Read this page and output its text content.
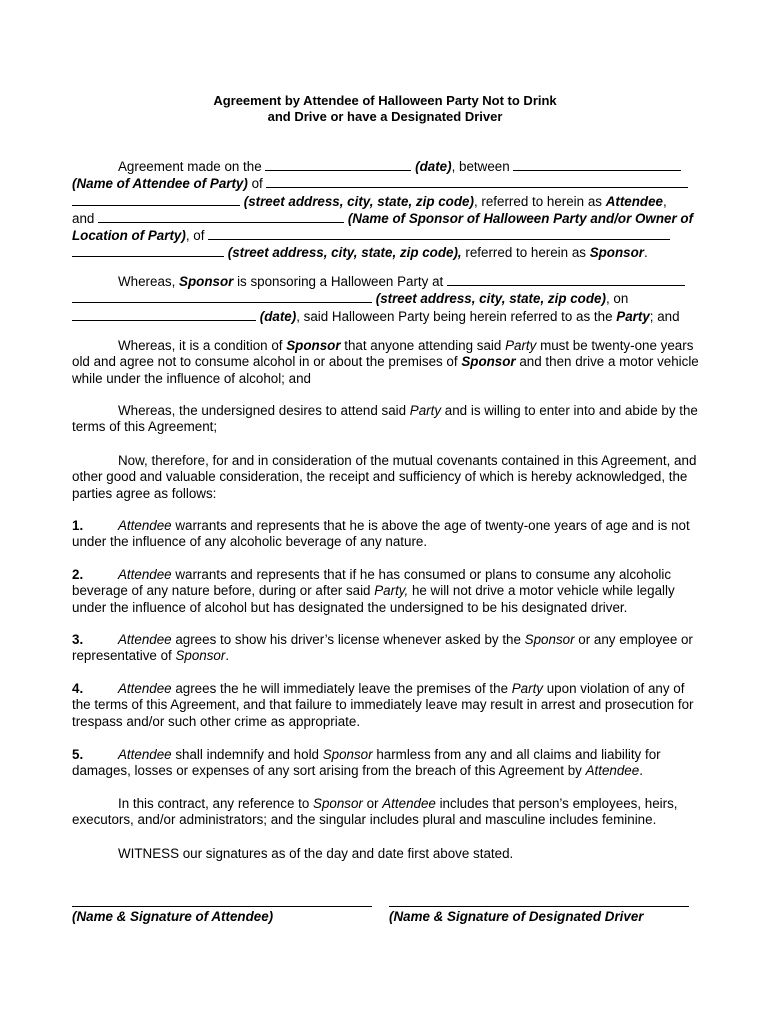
Agreement by Attendee of Halloween Party Not to Drink
and Drive or have a Designated Driver
Agreement made on the	(date), between
(Name of Attendee of Party) of
(street address, city, state, zip code), referred to herein as Attendee,
and	(Name of Sponsor of Halloween Party and/or Owner of Location of Party), of
(street address, city, state, zip code), referred to herein as Sponsor.
Whereas, Sponsor is sponsoring a Halloween Party at
(street address, city, state, zip code), on
(date), said Halloween Party being herein referred to as the Party; and
Whereas, it is a condition of Sponsor that anyone attending said Party must be twenty-one years old and agree not to consume alcohol in or about the premises of Sponsor and then drive a motor vehicle while under the influence of alcohol; and
Whereas, the undersigned desires to attend said Party and is willing to enter into and abide by the terms of this Agreement;
Now, therefore, for and in consideration of the mutual covenants contained in this Agreement, and other good and valuable consideration, the receipt and sufficiency of which is hereby acknowledged, the parties agree as follows:
1.	Attendee warrants and represents that he is above the age of twenty-one years of age and is not under the influence of any alcoholic beverage of any nature.
2.	Attendee warrants and represents that if he has consumed or plans to consume any alcoholic beverage of any nature before, during or after said Party, he will not drive a motor vehicle while legally under the influence of alcohol but has designated the undersigned to be his designated driver.
3.	Attendee agrees to show his driver’s license whenever asked by the Sponsor or any employee or representative of Sponsor.
4.	Attendee agrees the he will immediately leave the premises of the Party upon violation of any of the terms of this Agreement, and that failure to immediately leave may result in arrest and prosecution for trespass and/or such other crime as appropriate.
5.	Attendee shall indemnify and hold Sponsor harmless from any and all claims and liability for damages, losses or expenses of any sort arising from the breach of this Agreement by Attendee.
In this contract, any reference to Sponsor or Attendee includes that person’s employees, heirs, executors, and/or administrators; and the singular includes plural and masculine includes feminine.
WITNESS our signatures as of the day and date first above stated.
(Name & Signature of Attendee)	(Name & Signature of Designated Driver
